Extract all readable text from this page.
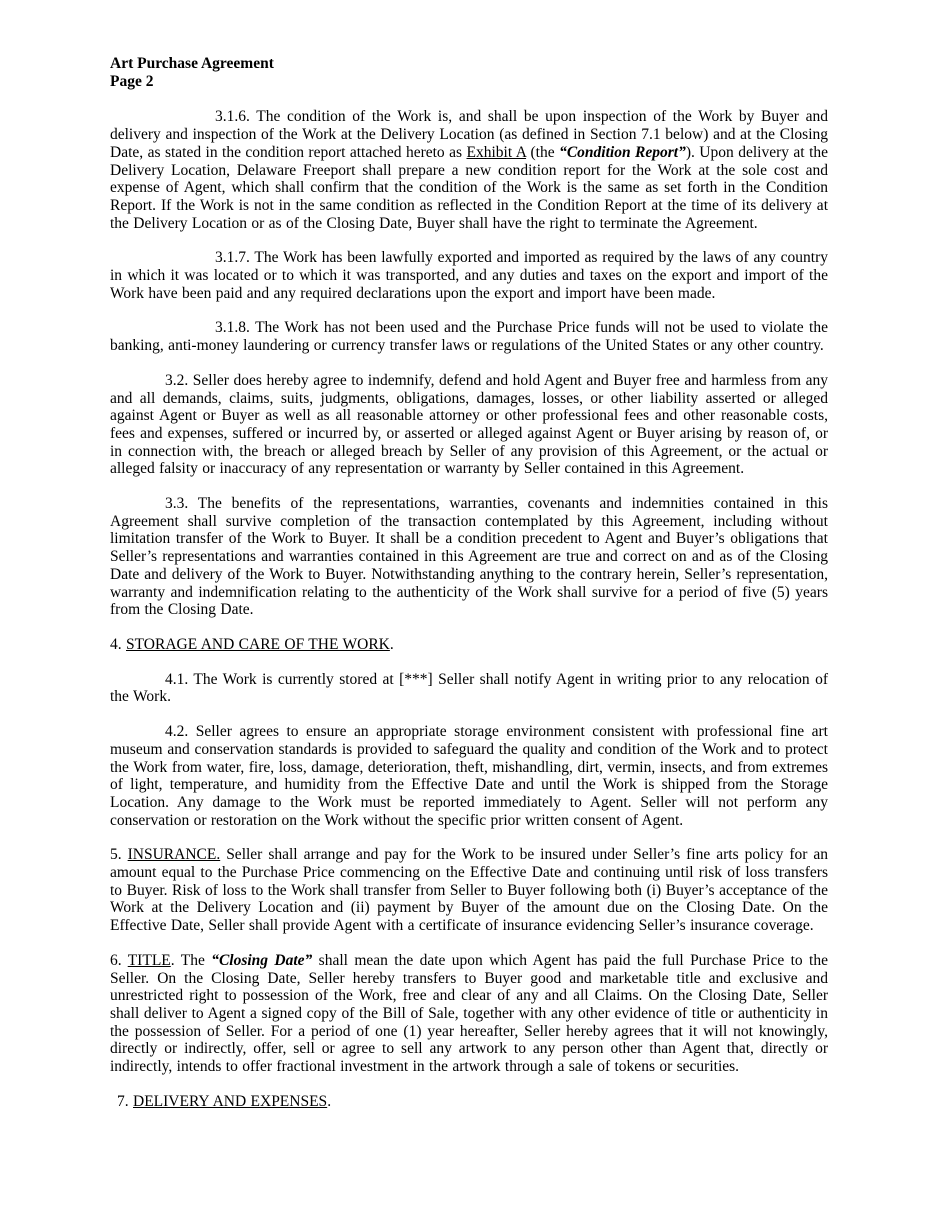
Art Purchase Agreement
Page 2

3.1.6. The condition of the Work is, and shall be upon inspection of the Work by Buyer and delivery and inspection of the Work at the Delivery Location (as defined in Section 7.1 below) and at the Closing Date, as stated in the condition report attached hereto as Exhibit A (the “Condition Report”). Upon delivery at the Delivery Location, Delaware Freeport shall prepare a new condition report for the Work at the sole cost and expense of Agent, which shall confirm that the condition of the Work is the same as set forth in the Condition Report. If the Work is not in the same condition as reflected in the Condition Report at the time of its delivery at the Delivery Location or as of the Closing Date, Buyer shall have the right to terminate the Agreement.

3.1.7. The Work has been lawfully exported and imported as required by the laws of any country in which it was located or to which it was transported, and any duties and taxes on the export and import of the Work have been paid and any required declarations upon the export and import have been made.

3.1.8. The Work has not been used and the Purchase Price funds will not be used to violate the banking, anti-money laundering or currency transfer laws or regulations of the United States or any other country.

3.2. Seller does hereby agree to indemnify, defend and hold Agent and Buyer free and harmless from any and all demands, claims, suits, judgments, obligations, damages, losses, or other liability asserted or alleged against Agent or Buyer as well as all reasonable attorney or other professional fees and other reasonable costs, fees and expenses, suffered or incurred by, or asserted or alleged against Agent or Buyer arising by reason of, or in connection with, the breach or alleged breach by Seller of any provision of this Agreement, or the actual or alleged falsity or inaccuracy of any representation or warranty by Seller contained in this Agreement.

3.3. The benefits of the representations, warranties, covenants and indemnities contained in this Agreement shall survive completion of the transaction contemplated by this Agreement, including without limitation transfer of the Work to Buyer. It shall be a condition precedent to Agent and Buyer’s obligations that Seller’s representations and warranties contained in this Agreement are true and correct on and as of the Closing Date and delivery of the Work to Buyer. Notwithstanding anything to the contrary herein, Seller’s representation, warranty and indemnification relating to the authenticity of the Work shall survive for a period of five (5) years from the Closing Date.

4. STORAGE AND CARE OF THE WORK.

4.1. The Work is currently stored at [***] Seller shall notify Agent in writing prior to any relocation of the Work.

4.2. Seller agrees to ensure an appropriate storage environment consistent with professional fine art museum and conservation standards is provided to safeguard the quality and condition of the Work and to protect the Work from water, fire, loss, damage, deterioration, theft, mishandling, dirt, vermin, insects, and from extremes of light, temperature, and humidity from the Effective Date and until the Work is shipped from the Storage Location. Any damage to the Work must be reported immediately to Agent. Seller will not perform any conservation or restoration on the Work without the specific prior written consent of Agent.

5. INSURANCE. Seller shall arrange and pay for the Work to be insured under Seller’s fine arts policy for an amount equal to the Purchase Price commencing on the Effective Date and continuing until risk of loss transfers to Buyer. Risk of loss to the Work shall transfer from Seller to Buyer following both (i) Buyer’s acceptance of the Work at the Delivery Location and (ii) payment by Buyer of the amount due on the Closing Date. On the Effective Date, Seller shall provide Agent with a certificate of insurance evidencing Seller’s insurance coverage.

6. TITLE. The “Closing Date” shall mean the date upon which Agent has paid the full Purchase Price to the Seller. On the Closing Date, Seller hereby transfers to Buyer good and marketable title and exclusive and unrestricted right to possession of the Work, free and clear of any and all Claims. On the Closing Date, Seller shall deliver to Agent a signed copy of the Bill of Sale, together with any other evidence of title or authenticity in the possession of Seller. For a period of one (1) year hereafter, Seller hereby agrees that it will not knowingly, directly or indirectly, offer, sell or agree to sell any artwork to any person other than Agent that, directly or indirectly, intends to offer fractional investment in the artwork through a sale of tokens or securities.

7. DELIVERY AND EXPENSES.
